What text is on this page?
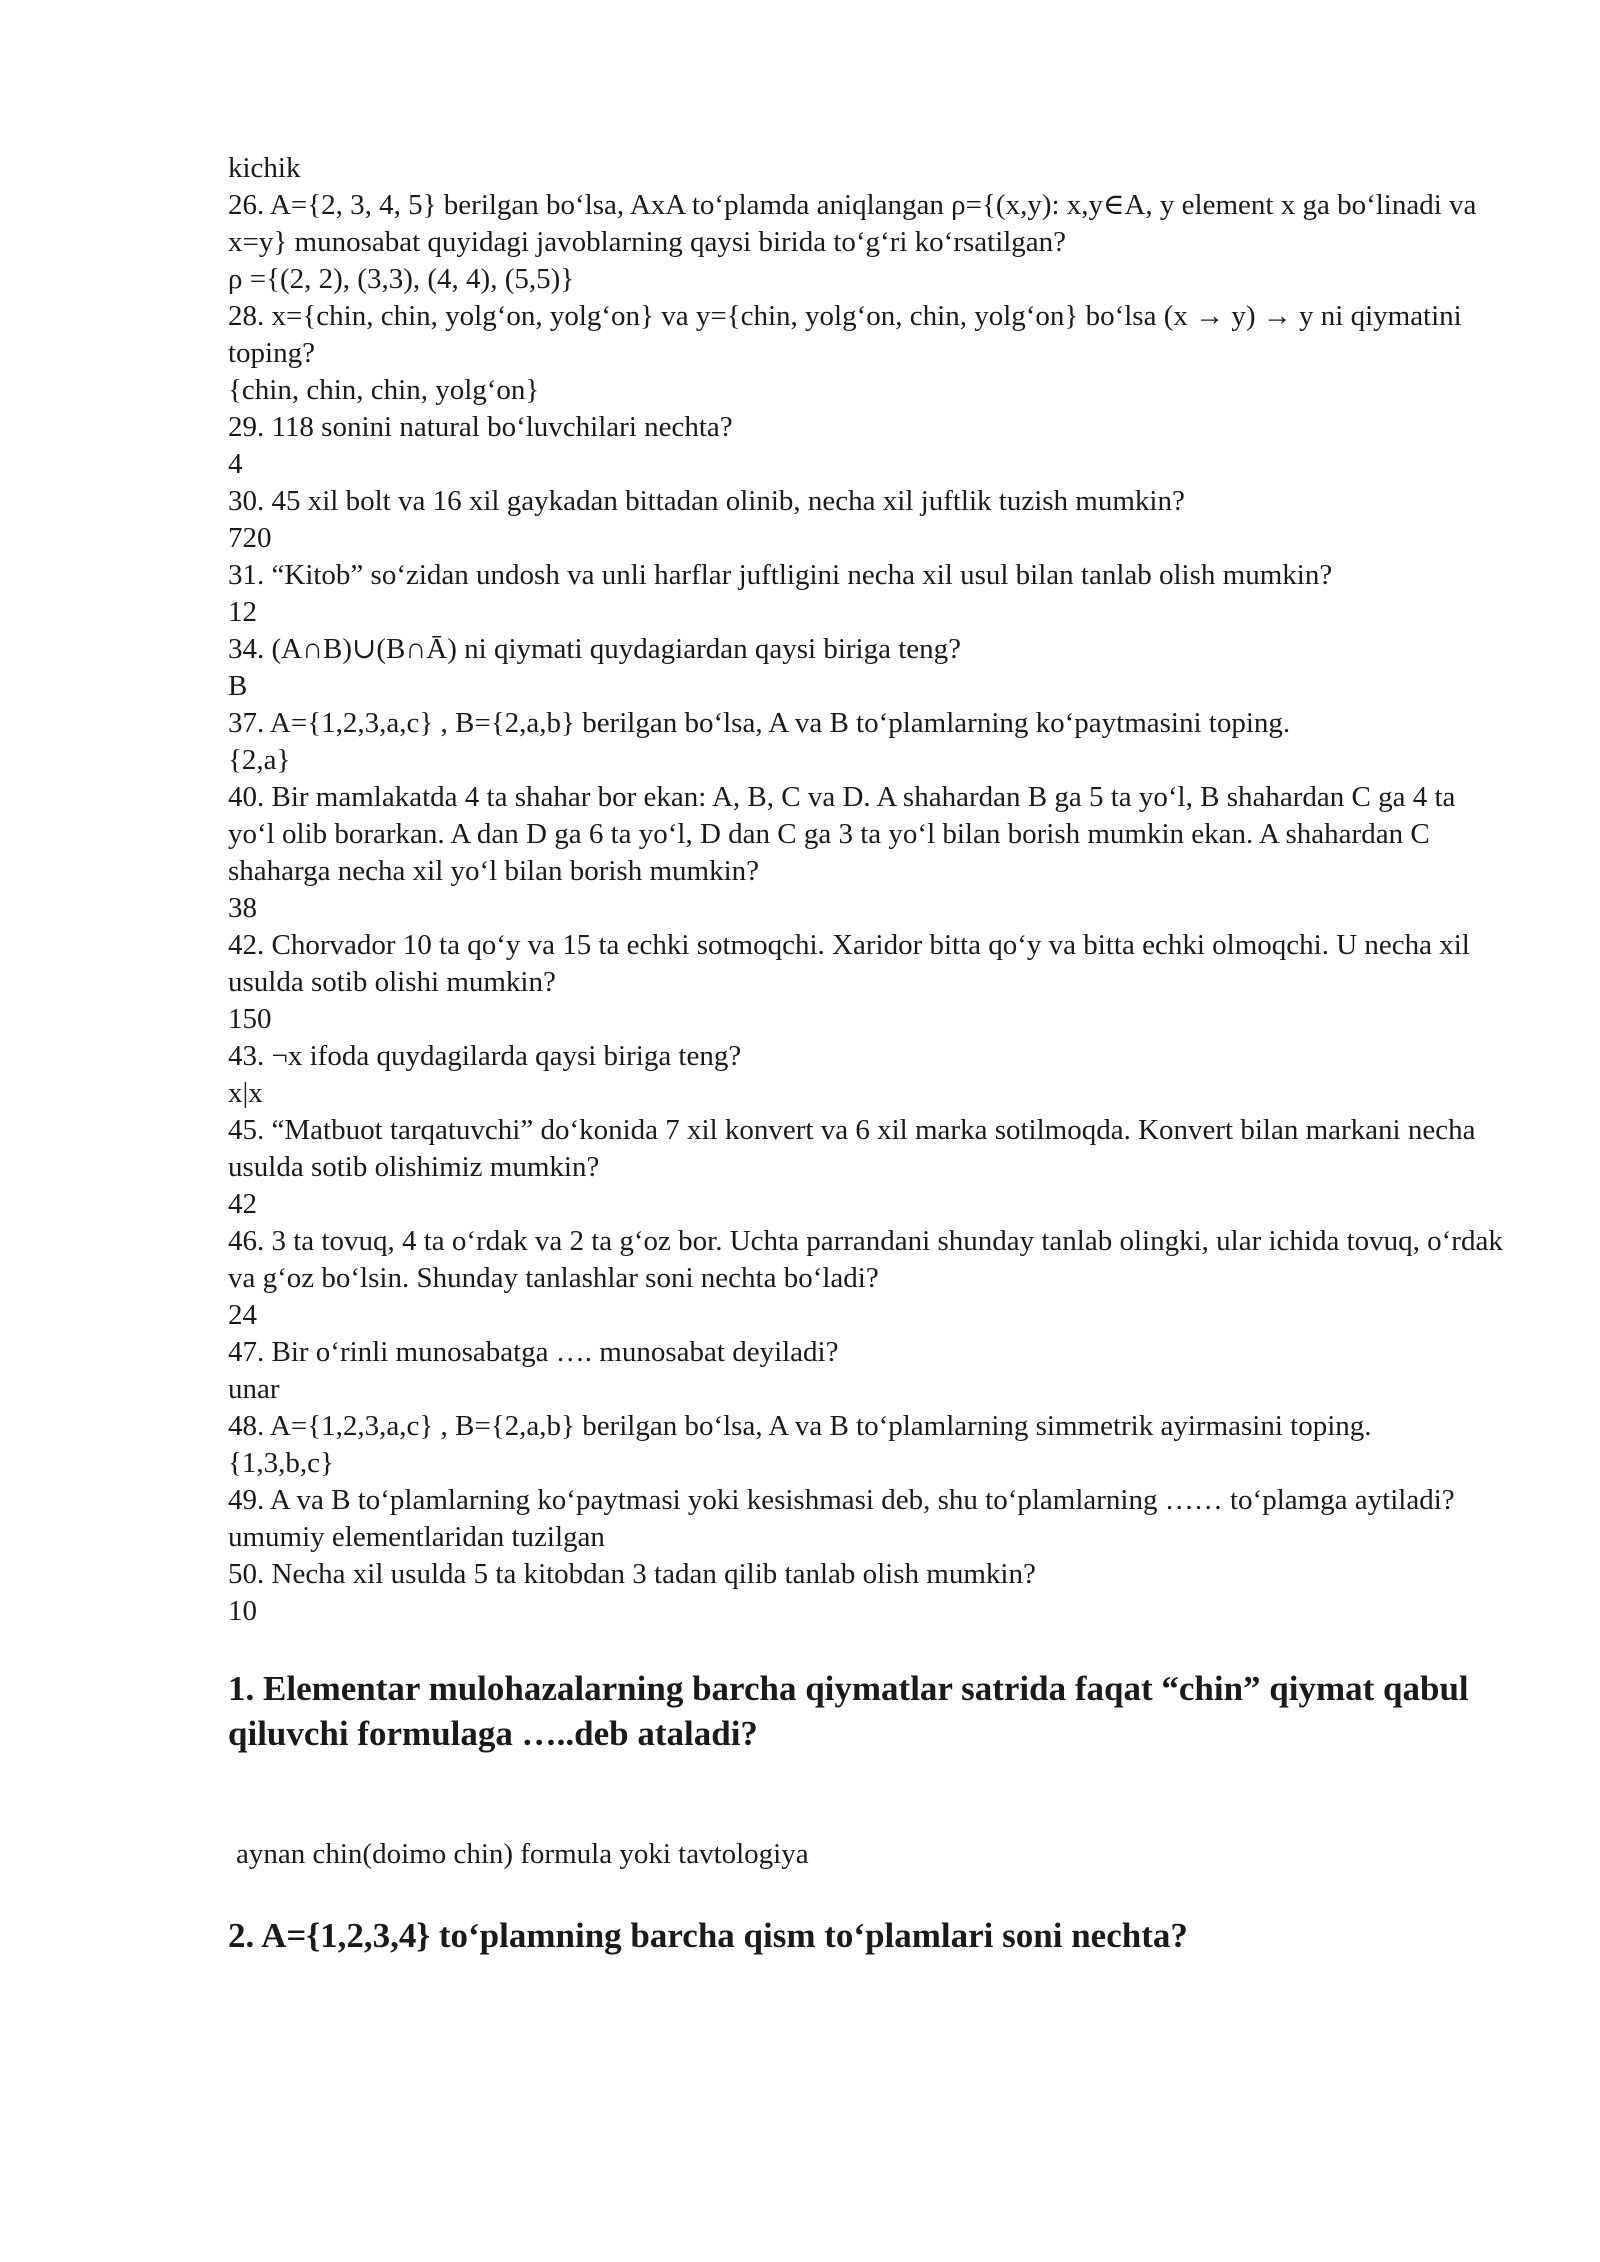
kichik

26. A={2, 3, 4, 5} berilgan bo‘lsa, AxA to‘plamda aniqlangan ρ={(x,y): x,y∈A, y element x ga bo‘linadi va x=y} munosabat quyidagi javoblarning qaysi birida to‘g‘ri ko‘rsatilgan?
ρ ={(2, 2), (3,3), (4, 4), (5,5)}
28. x={chin, chin, yolg‘on, yolg‘on} va y={chin, yolg‘on, chin, yolg‘on} bo‘lsa (x → y) → y ni qiymatini toping?
{chin, chin, chin, yolg‘on}
29. 118 sonini natural bo‘luvchilari nechta?
4
30. 45 xil bolt va 16 xil gaykadan bittadan olinib, necha xil juftlik tuzish mumkin?
720
31. “Kitob” so‘zidan undosh va unli harflar juftligini necha xil usul bilan tanlab olish mumkin?
12
34. (A∩B)∪(B∩Ā) ni qiymati quydagiardan qaysi biriga teng?
B
37. A={1,2,3,a,c} , B={2,a,b} berilgan bo‘lsa, A va B to‘plamlarning ko‘paytmasini toping.
{2,a}
40. Bir mamlakatda 4 ta shahar bor ekan: A, B, C va D. A shahardan B ga 5 ta yo‘l, B shahardan C ga 4 ta yo‘l olib borarkan. A dan D ga 6 ta yo‘l, D dan C ga 3 ta yo‘l bilan borish mumkin ekan. A shahardan C shaharga necha xil yo‘l bilan borish mumkin?
38
42. Chorvador 10 ta qo‘y va 15 ta echki sotmoqchi. Xaridor bitta qo‘y va bitta echki olmoqchi. U necha xil usulda sotib olishi mumkin?
150
43. ¬x ifoda quydagilarda qaysi biriga teng?
x|x
45. “Matbuot tarqatuvchi” do‘konida 7 xil konvert va 6 xil marka sotilmoqda. Konvert bilan markani necha usulda sotib olishimiz mumkin?
42
46. 3 ta tovuq, 4 ta o‘rdak va 2 ta g‘oz bor. Uchta parrandani shunday tanlab olingki, ular ichida tovuq, o‘rdak va g‘oz bo‘lsin. Shunday tanlashlar soni nechta bo‘ladi?
24
47. Bir o‘rinli munosabatga …. munosabat deyiladi?
unar
48. A={1,2,3,a,c} , B={2,a,b} berilgan bo‘lsa, A va B to‘plamlarning simmetrik ayirmasini toping.
{1,3,b,c}
49. A va B to‘plamlarning ko‘paytmasi yoki kesishmasi deb, shu to‘plamlarning …… to‘plamga aytiladi?
umumiy elementlaridan tuzilgan
50. Necha xil usulda 5 ta kitobdan 3 tadan qilib tanlab olish mumkin?
10

1. Elementar mulohazalarning barcha qiymatlar satrida faqat “chin” qiymat qabul qiluvchi formulaga …..deb ataladi?

aynan chin(doimo chin) formula yoki tavtologiya

2. A={1,2,3,4} to‘plamning barcha qism to‘plamlari soni nechta?
